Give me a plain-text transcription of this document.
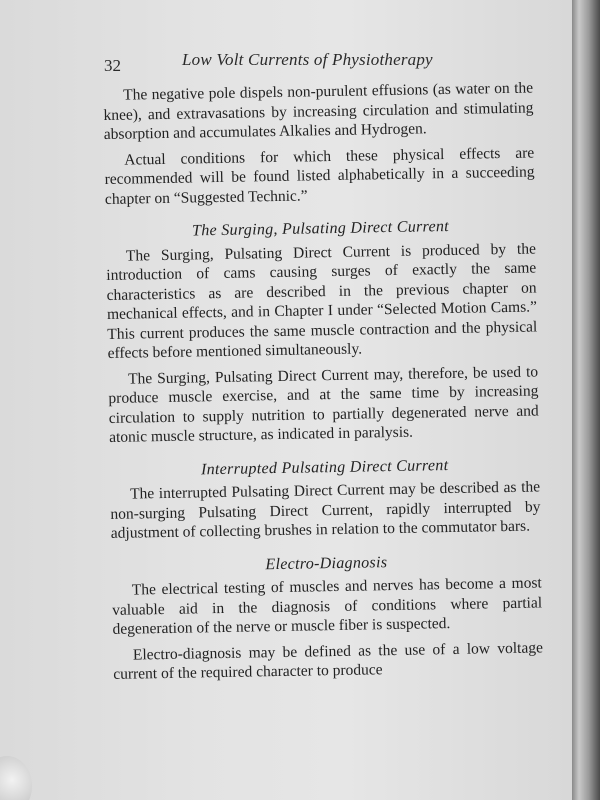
32	Low Volt Currents of Physiotherapy

The negative pole dispels non-purulent effusions (as water on the knee), and extravasations by increasing circulation and stimulating absorption and accumulates Alkalies and Hydrogen.

Actual conditions for which these physical effects are recommended will be found listed alphabetically in a succeeding chapter on “Suggested Technic.”

The Surging, Pulsating Direct Current

The Surging, Pulsating Direct Current is produced by the introduction of cams causing surges of exactly the same characteristics as are described in the previous chapter on mechanical effects, and in Chapter I under “Selected Motion Cams.” This current produces the same muscle contraction and the physical effects before mentioned simultaneously.

The Surging, Pulsating Direct Current may, therefore, be used to produce muscle exercise, and at the same time by increasing circulation to supply nutrition to partially degenerated nerve and atonic muscle structure, as indicated in paralysis.

Interrupted Pulsating Direct Current

The interrupted Pulsating Direct Current may be described as the non-surging Pulsating Direct Current, rapidly interrupted by adjustment of collecting brushes in relation to the commutator bars.

Electro-Diagnosis

The electrical testing of muscles and nerves has become a most valuable aid in the diagnosis of conditions where partial degeneration of the nerve or muscle fiber is suspected.

Electro-diagnosis may be defined as the use of a low voltage current of the required character to produce
